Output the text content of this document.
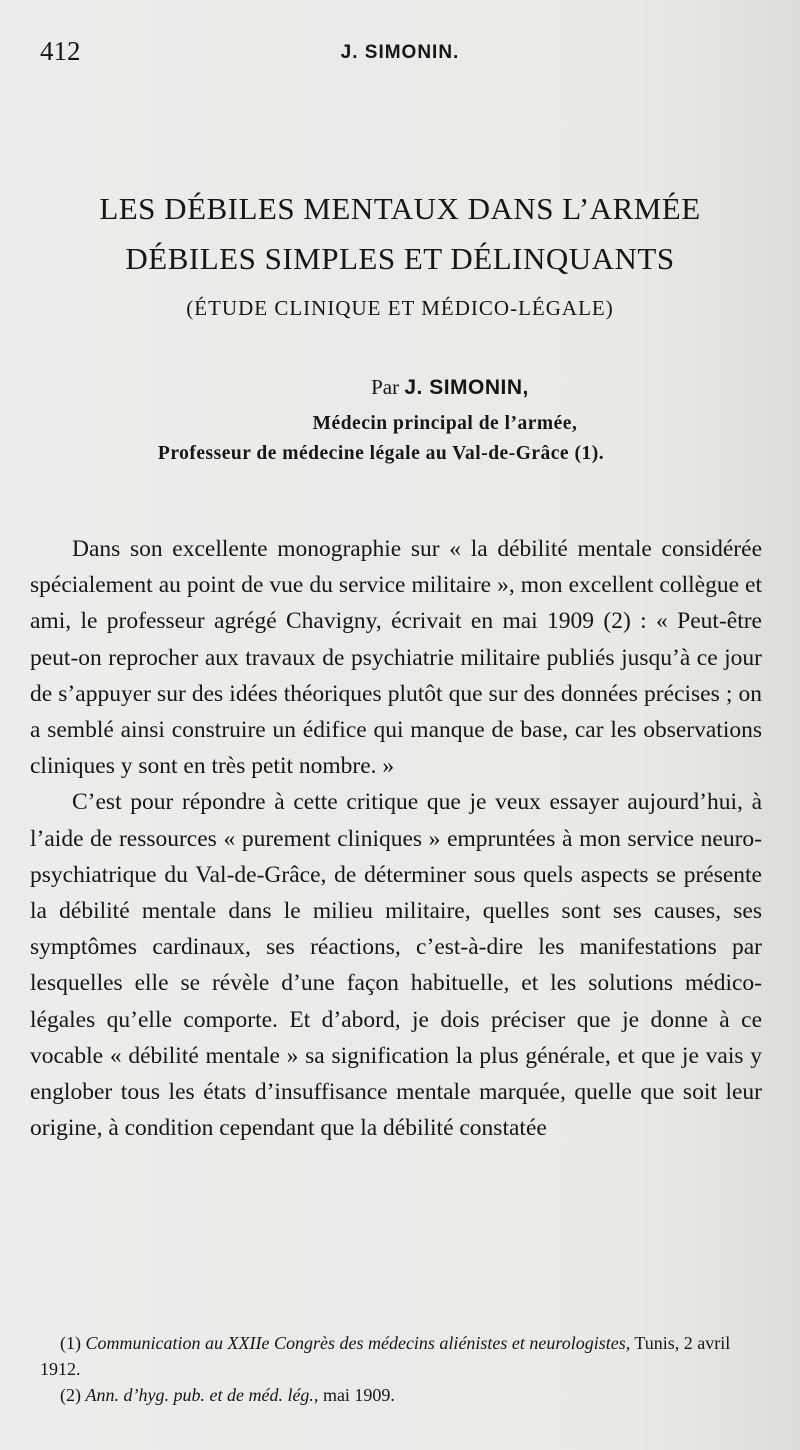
412	J. SIMONIN.
LES DÉBILES MENTAUX DANS L’ARMÉE
DÉBILES SIMPLES ET DÉLINQUANTS
(ÉTUDE CLINIQUE ET MÉDICO-LÉGALE)
Par J. SIMONIN,
Médecin principal de l’armée,
Professeur de médecine légale au Val-de-Grâce (1).

Dans son excellente monographie sur « la débilité mentale considérée spécialement au point de vue du service militaire », mon excellent collègue et ami, le professeur agrégé Chavigny, écrivait en mai 1909 (2) : « Peut-être peut-on reprocher aux travaux de psychiatrie militaire publiés jusqu’à ce jour de s’appuyer sur des idées théoriques plutôt que sur des données précises ; on a semblé ainsi construire un édifice qui manque de base, car les observations cliniques y sont en très petit nombre. »

C’est pour répondre à cette critique que je veux essayer aujourd’hui, à l’aide de ressources « purement cliniques » empruntées à mon service neuro-psychiatrique du Val-de-Grâce, de déterminer sous quels aspects se présente la débilité mentale dans le milieu militaire, quelles sont ses causes, ses symptômes cardinaux, ses réactions, c’est-à-dire les manifestations par lesquelles elle se révèle d’une façon habituelle, et les solutions médico-légales qu’elle comporte. Et d’abord, je dois préciser que je donne à ce vocable « débilité mentale » sa signification la plus générale, et que je vais y englober tous les états d’insuffisance mentale marquée, quelle que soit leur origine, à condition cependant que la débilité constatée

(1) Communication au XXIIe Congrès des médecins aliénistes et neurologistes, Tunis, 2 avril 1912.

(2) Ann. d’hyg. pub. et de méd. lég., mai 1909.
